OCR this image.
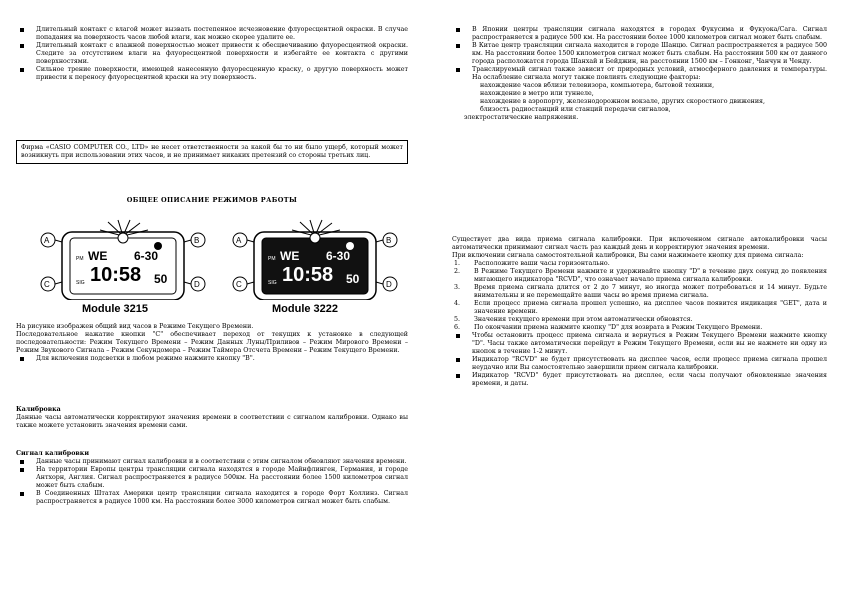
Длительный контакт с влагой может вызвать постепенное исчезновение флуоресцентной окраски. В случае попадания на поверхность часов любой влаги, как можно скорее удалите ее.
Длительный контакт с влажной поверхностью может привести к обесцвечиванию флуоресцентной окраски. Следите за отсутствием влаги на флуоресцентной поверхности и избегайте ее контакта с другими поверхностями.
Сильное трение поверхности, имеющей нанесенную флуоресценную краску, о другую поверхность может привести к переносу флуоресцентной краски на эту поверхность.
Фирма «CASIO COMPUTER CO., LTD» не несет ответственности за какой бы то ни было ущерб, который может возникнуть при использовании этих часов, и не принимает никаких претензий со стороны третьих лиц.
ОБЩЕЕ ОПИСАНИЕ РЕЖИМОВ РАБОТЫ
A
C
B
D
PM
SIG
WE 6-30
10:58 50
Module 3215
A
C
B
D
PM
SIG
WE 6-30
10:58 50
Module 3222
На рисунке изображен общий вид часов в Режиме Текущего Времени.
Последовательное нажатие кнопки "C" обеспечивает переход от текущих к установке в следующей последовательности: Режим Текущего Времени – Режим Данных Луны/Приливов – Режим Мирового Времени – Режим Звукового Сигнала – Режим Секундомера – Режим Таймера Отсчета Времени – Режим Текущего Времени.
Для включения подсветки в любом режиме нажмите кнопку "B".
Калибровка
Данные часы автоматически корректируют значения времени в соответствии с сигналом калибровки. Однако вы также можете установить значения времени сами.
Сигнал калибровки
Данные часы принимают сигнал калибровки и в соответствии с этим сигналом обновляют значения времени.
На территории Европы центры трансляции сигнала находятся в городе Майнфлинген, Германия, и городе Антхорн, Англия. Сигнал распространяется в радиусе 500км. На расстоянии более 1500 километров сигнал может быть слабым.
В Соединенных Штатах Америки центр трансляции сигнала находится в городе Форт Коллинз. Сигнал распространяется в радиусе 1000 км. На расстоянии более 3000 километров сигнал может быть слабым.
В Японии центры трансляции сигнала находятся в городах Фукусима и Фукуока/Сага. Сигнал распространяется в радиусе 500 км. На расстоянии более 1000 километров сигнал может быть слабым.
В Китае центр трансляции сигнала находится в городе Шанцю. Сигнал распространяется в радиусе 500 км. На расстоянии более 1500 километров сигнал может быть слабым. На расстоянии 500 км от данного города расположатся города Шанхай и Бейджин, на расстоянии 1500 км – Гонконг, Чанчун и Ченду.
Транслируемый сигнал также зависит от природных условий, атмосферного давления и температуры. На ослабление сигнала могут также повлиять следующие факторы:
нахождение часов вблизи телевизора, компьютера, бытовой техники,
нахождение в метро или туннеле,
нахождение в аэропорту, железнодорожном вокзале, других скоростного движения,
близость радиостанций или станций передачи сигналов,
электростатические напряжения.
Существует два вида приема сигнала калибровки. При включенном сигнале автокалибровки часы автоматически принимают сигнал часть раз каждый день и корректируют значения времени.
При включении сигнала самостоятельной калибровки, Вы сами нажимаете кнопку для приема сигнала:
1. Расположите ваши часы горизонтально.
2. В Режиме Текущего Времени нажмите и удерживайте кнопку "D" в течение двух секунд до появления мигающего индикатора "RCVD", что означает начало приема сигнала калибровки.
3. Время приема сигнала длится от 2 до 7 минут, но иногда может потребоваться и 14 минут. Будьте внимательны и не перемещайте ваши часы во время приема сигнала.
4. Если процесс приема сигнала прошел успешно, на дисплее часов появится индикация "GET", дата и значение времени.
5. Значения текущего времени при этом автоматически обновятся.
6. По окончании приема нажмите кнопку "D" для возврата в Режим Текущего Времени.
Чтобы остановить процесс приема сигнала и вернуться в Режим Текущего Времени нажмите кнопку "D". Часы также автоматически перейдут в Режим Текущего Времени, если вы не нажмете ни одну из кнопок в течение 1-2 минут.
Индикатор "RCVD" не будет присутствовать на дисплее часов, если процесс приема сигнала прошел неудачно или Вы самостоятельно завершили прием сигнала калибровки.
Индикатор "RCVD" будет присутствовать на дисплее, если часы получают обновленные значения времени, и даты.
